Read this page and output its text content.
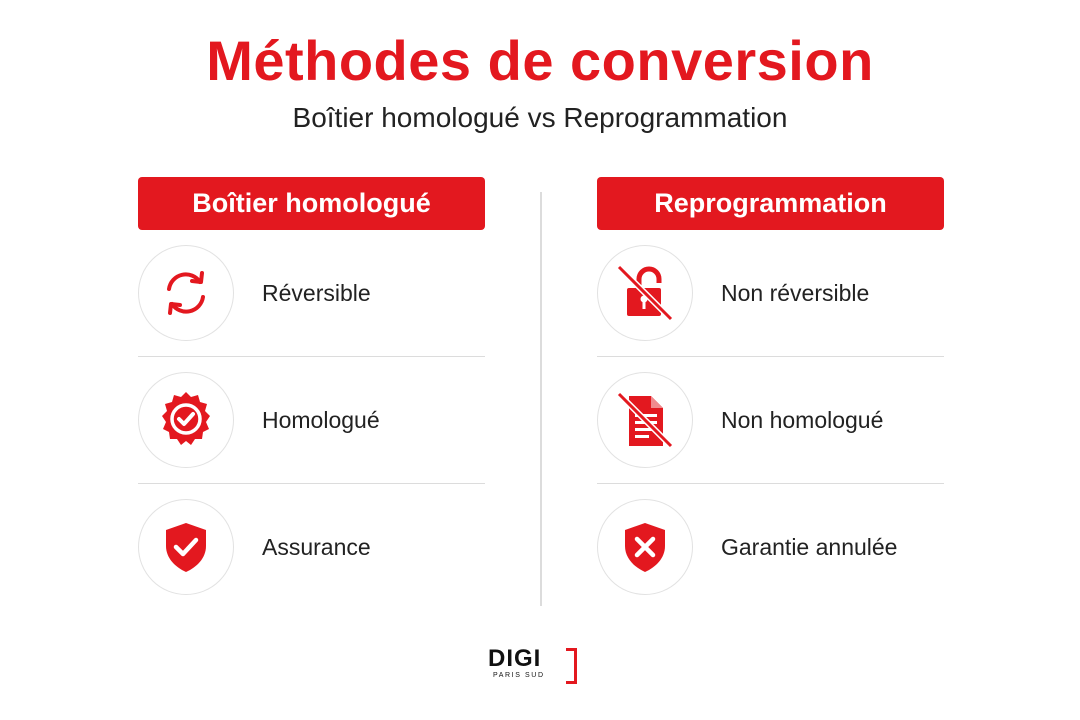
Méthodes de conversion
Boîtier homologué vs Reprogrammation
Boîtier homologué
Réversible
Homologué
Assurance
Reprogrammation
Non réversible
Non homologué
Garantie annulée
DIGI
PARIS SUD
